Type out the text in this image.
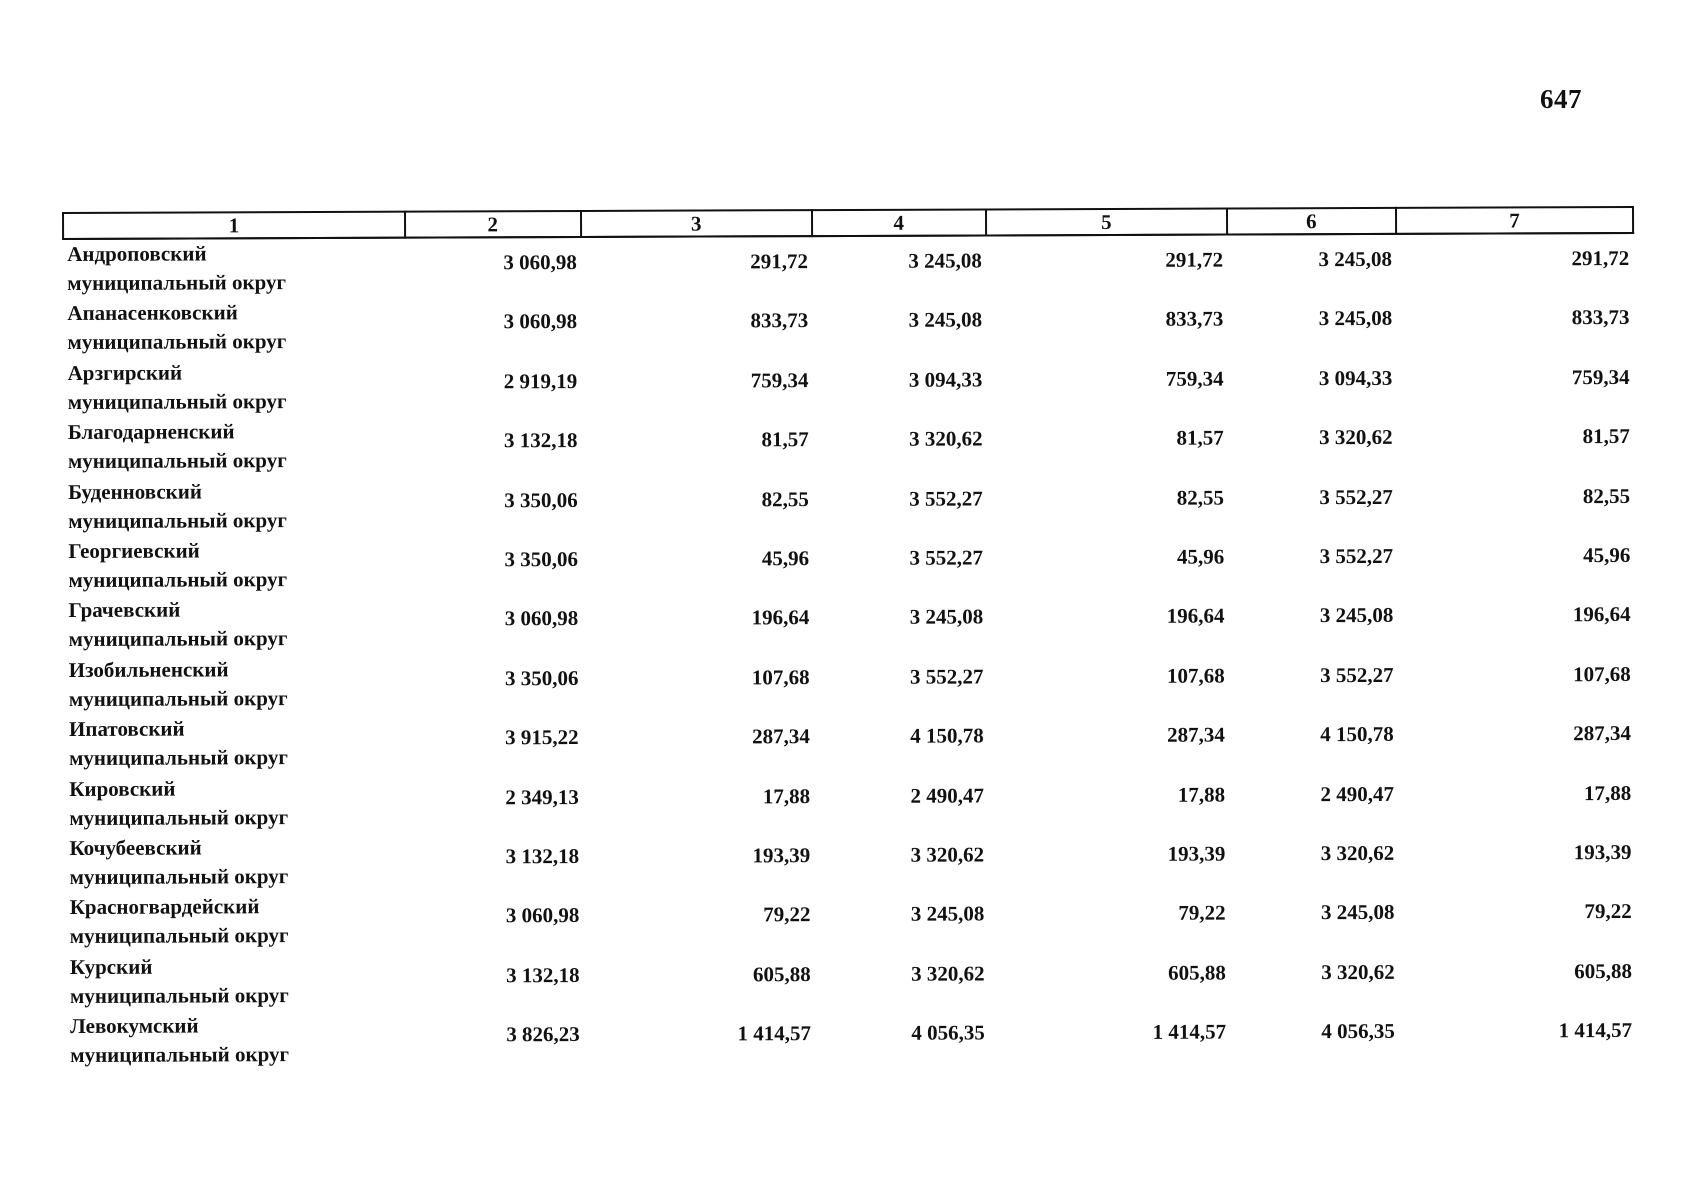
647
1	2	3	4	5	6	7

Андроповский
муниципальный округ	3 060,98	291,72	3 245,08	291,72	3 245,08	291,72

Апанасенковский
муниципальный округ	3 060,98	833,73	3 245,08	833,73	3 245,08	833,73

Арзгирский
муниципальный округ	2 919,19	759,34	3 094,33	759,34	3 094,33	759,34

Благодарненский
муниципальный округ	3 132,18	81,57	3 320,62	81,57	3 320,62	81,57

Буденновский
муниципальный округ	3 350,06	82,55	3 552,27	82,55	3 552,27	82,55

Георгиевский
муниципальный округ	3 350,06	45,96	3 552,27	45,96	3 552,27	45,96

Грачевский
муниципальный округ	3 060,98	196,64	3 245,08	196,64	3 245,08	196,64

Изобильненский
муниципальный округ	3 350,06	107,68	3 552,27	107,68	3 552,27	107,68

Ипатовский
муниципальный округ	3 915,22	287,34	4 150,78	287,34	4 150,78	287,34

Кировский
муниципальный округ	2 349,13	17,88	2 490,47	17,88	2 490,47	17,88

Кочубеевский
муниципальный округ	3 132,18	193,39	3 320,62	193,39	3 320,62	193,39

Красногвардейский
муниципальный округ	3 060,98	79,22	3 245,08	79,22	3 245,08	79,22

Курский
муниципальный округ	3 132,18	605,88	3 320,62	605,88	3 320,62	605,88

Левокумский
муниципальный округ	3 826,23	1 414,57	4 056,35	1 414,57	4 056,35	1 414,57
